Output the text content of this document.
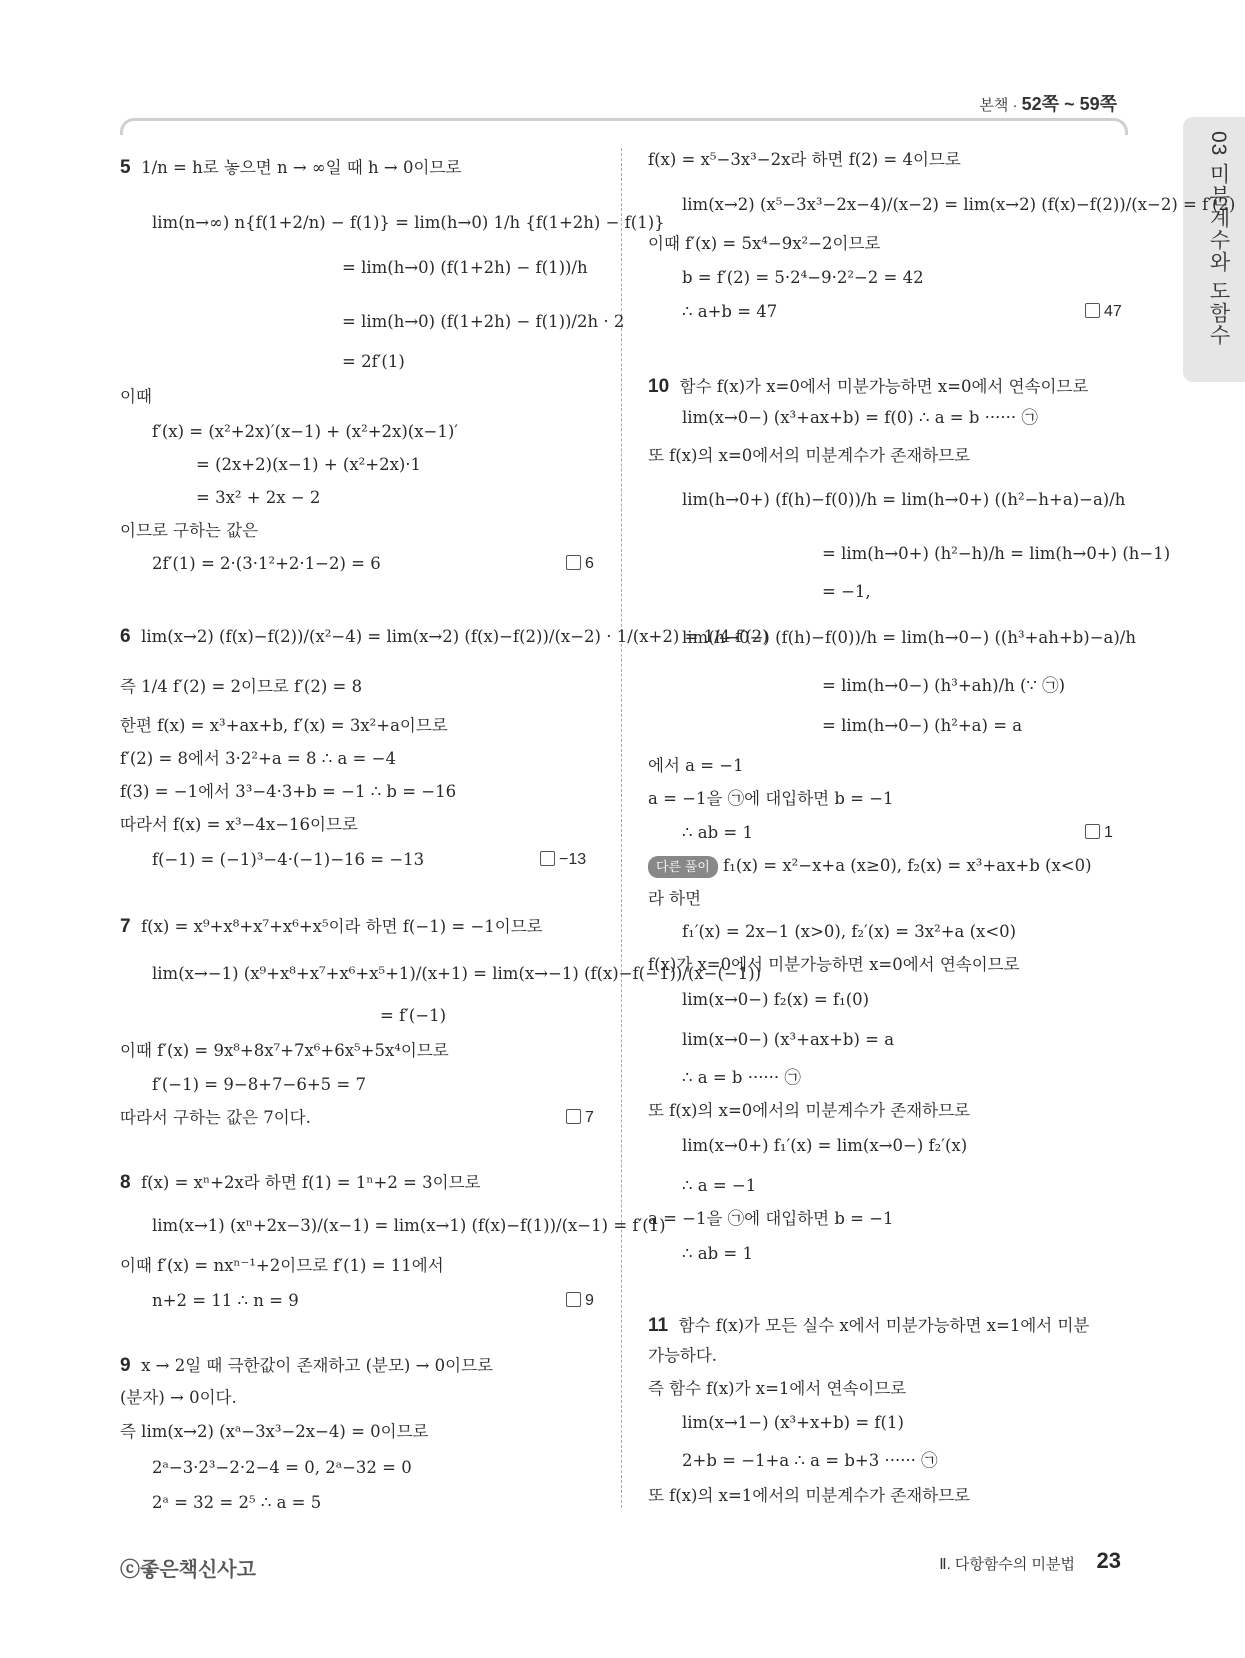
본책 · 52쪽 ~ 59쪽
03 미분계수와 도함수
5 1/n = h로 놓으면 n → ∞일 때 h → 0이므로
lim(n→∞) n{f(1+2/n) − f(1)} = lim(h→0) 1/h {f(1+2h) − f(1)}
= lim(h→0) (f(1+2h) − f(1))/h
= lim(h→0) (f(1+2h) − f(1))/2h · 2
= 2f′(1)
이때
f′(x) = (x²+2x)′(x−1) + (x²+2x)(x−1)′
= (2x+2)(x−1) + (x²+2x)·1
= 3x² + 2x − 2
이므로 구하는 값은
2f′(1) = 2·(3·1²+2·1−2) = 6	6
6 lim(x→2) (f(x)−f(2))/(x²−4) = lim(x→2) (f(x)−f(2))/(x−2) · 1/(x+2) = 1/4 f′(2)
즉 1/4 f′(2) = 2이므로 f′(2) = 8
한편 f(x) = x³+ax+b, f′(x) = 3x²+a이므로
f′(2) = 8에서 3·2²+a = 8 ∴ a = −4
f(3) = −1에서 3³−4·3+b = −1 ∴ b = −16
따라서 f(x) = x³−4x−16이므로
f(−1) = (−1)³−4·(−1)−16 = −13	−13
7 f(x) = x⁹+x⁸+x⁷+x⁶+x⁵이라 하면 f(−1) = −1이므로
lim(x→−1) (x⁹+x⁸+x⁷+x⁶+x⁵+1)/(x+1) = lim(x→−1) (f(x)−f(−1))/(x−(−1))
= f′(−1)
이때 f′(x) = 9x⁸+8x⁷+7x⁶+6x⁵+5x⁴이므로
f′(−1) = 9−8+7−6+5 = 7
따라서 구하는 값은 7이다.	7
8 f(x) = xⁿ+2x라 하면 f(1) = 1ⁿ+2 = 3이므로
lim(x→1) (xⁿ+2x−3)/(x−1) = lim(x→1) (f(x)−f(1))/(x−1) = f′(1)
이때 f′(x) = nxⁿ⁻¹+2이므로 f′(1) = 11에서
n+2 = 11 ∴ n = 9	9
9 x → 2일 때 극한값이 존재하고 (분모) → 0이므로
(분자) → 0이다.
즉 lim(x→2) (xᵃ−3x³−2x−4) = 0이므로
2ᵃ−3·2³−2·2−4 = 0, 2ᵃ−32 = 0
2ᵃ = 32 = 2⁵ ∴ a = 5
f(x) = x⁵−3x³−2x라 하면 f(2) = 4이므로
lim(x→2) (x⁵−3x³−2x−4)/(x−2) = lim(x→2) (f(x)−f(2))/(x−2) = f′(2)
이때 f′(x) = 5x⁴−9x²−2이므로
b = f′(2) = 5·2⁴−9·2²−2 = 42
∴ a+b = 47	47
10 함수 f(x)가 x=0에서 미분가능하면 x=0에서 연속이므로
lim(x→0−) (x³+ax+b) = f(0) ∴ a = b ······ ㉠
또 f(x)의 x=0에서의 미분계수가 존재하므로
lim(h→0+) (f(h)−f(0))/h = lim(h→0+) ((h²−h+a)−a)/h
= lim(h→0+) (h²−h)/h = lim(h→0+) (h−1)
= −1,
lim(h→0−) (f(h)−f(0))/h = lim(h→0−) ((h³+ah+b)−a)/h
= lim(h→0−) (h³+ah)/h (∵ ㉠)
= lim(h→0−) (h²+a) = a
에서 a = −1
a = −1을 ㉠에 대입하면 b = −1
∴ ab = 1	1
다른 풀이 f₁(x) = x²−x+a (x≥0), f₂(x) = x³+ax+b (x<0)
라 하면
f₁′(x) = 2x−1 (x>0), f₂′(x) = 3x²+a (x<0)
f(x)가 x=0에서 미분가능하면 x=0에서 연속이므로
lim(x→0−) f₂(x) = f₁(0)
lim(x→0−) (x³+ax+b) = a
∴ a = b ······ ㉠
또 f(x)의 x=0에서의 미분계수가 존재하므로
lim(x→0+) f₁′(x) = lim(x→0−) f₂′(x)
∴ a = −1
a = −1을 ㉠에 대입하면 b = −1
∴ ab = 1
11 함수 f(x)가 모든 실수 x에서 미분가능하면 x=1에서 미분
가능하다.
즉 함수 f(x)가 x=1에서 연속이므로
lim(x→1−) (x³+x+b) = f(1)
2+b = −1+a ∴ a = b+3 ······ ㉠
또 f(x)의 x=1에서의 미분계수가 존재하므로
ⓒ좋은책신사고	Ⅱ. 다항함수의 미분법 23
